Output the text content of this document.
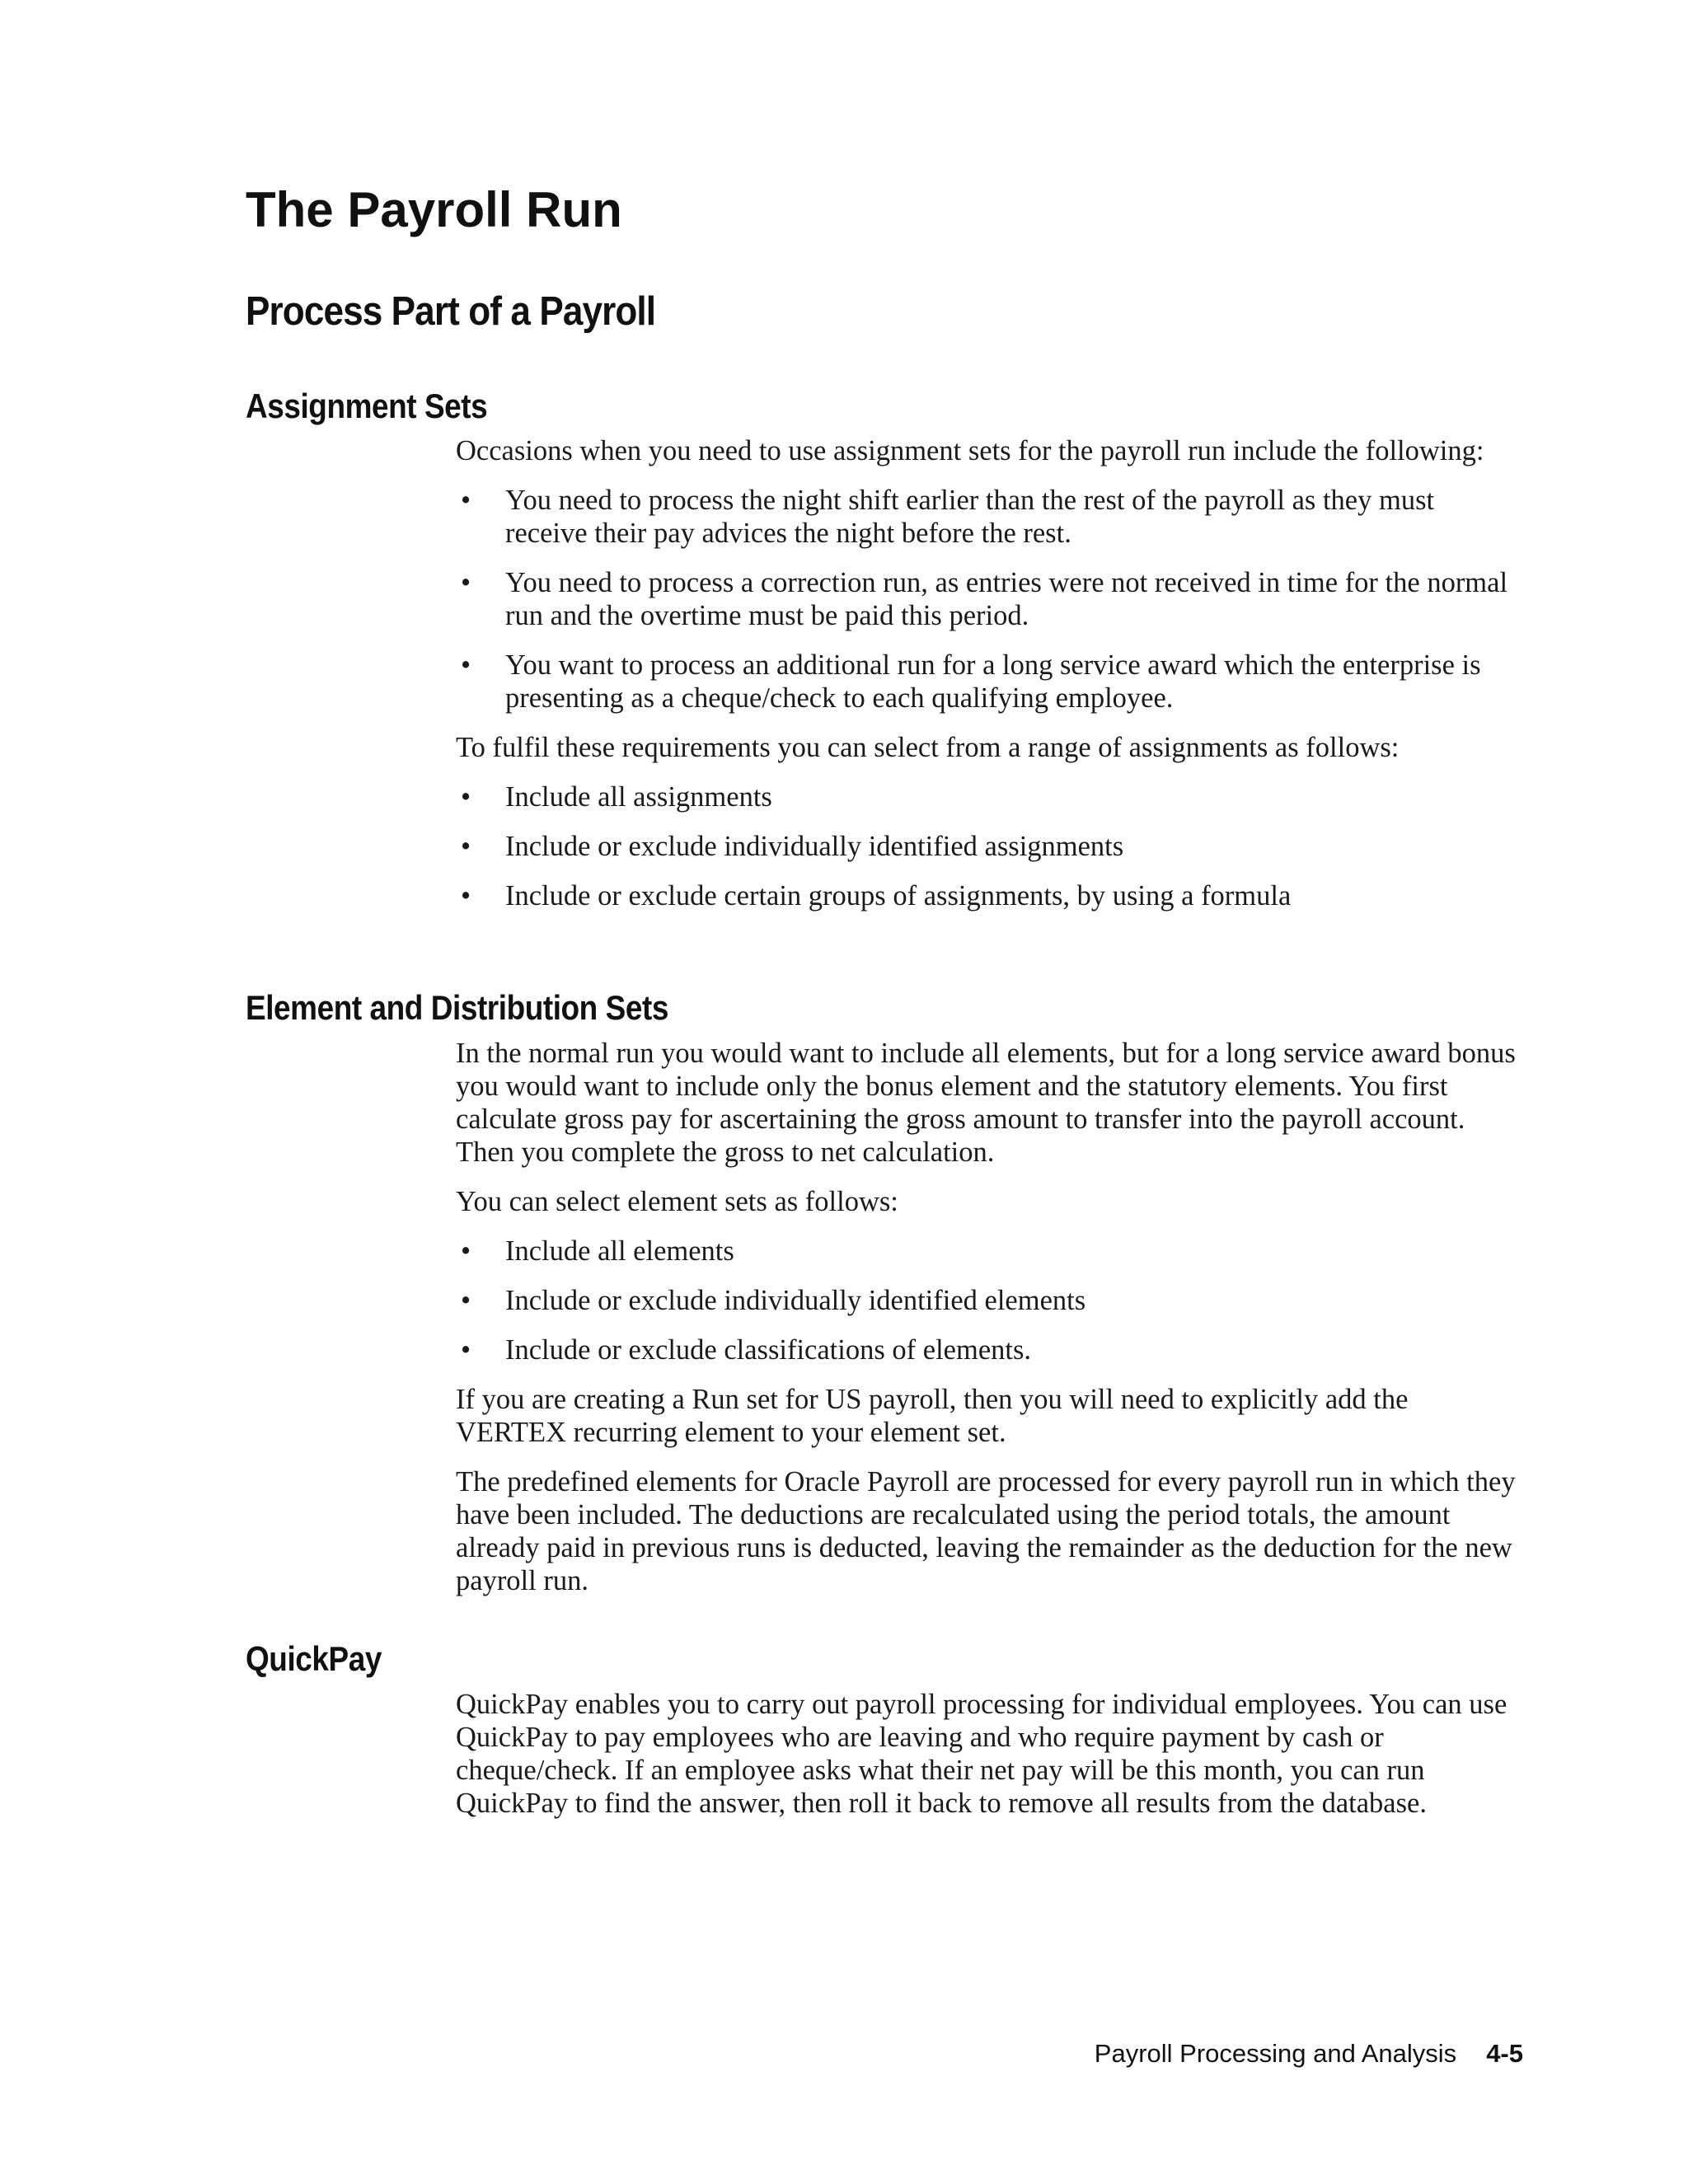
The Payroll Run
Process Part of a Payroll
Assignment Sets

Occasions when you need to use assignment sets for the payroll run include the following:

• You need to process the night shift earlier than the rest of the payroll as they must receive their pay advices the night before the rest.
• You need to process a correction run, as entries were not received in time for the normal run and the overtime must be paid this period.
• You want to process an additional run for a long service award which the enterprise is presenting as a cheque/check to each qualifying employee.

To fulfil these requirements you can select from a range of assignments as follows:

• Include all assignments
• Include or exclude individually identified assignments
• Include or exclude certain groups of assignments, by using a formula
Element and Distribution Sets

In the normal run you would want to include all elements, but for a long service award bonus you would want to include only the bonus element and the statutory elements. You first calculate gross pay for ascertaining the gross amount to transfer into the payroll account. Then you complete the gross to net calculation.

You can select element sets as follows:

• Include all elements
• Include or exclude individually identified elements
• Include or exclude classifications of elements.

If you are creating a Run set for US payroll, then you will need to explicitly add the VERTEX recurring element to your element set.

The predefined elements for Oracle Payroll are processed for every payroll run in which they have been included. The deductions are recalculated using the period totals, the amount already paid in previous runs is deducted, leaving the remainder as the deduction for the new payroll run.

QuickPay

QuickPay enables you to carry out payroll processing for individual employees. You can use QuickPay to pay employees who are leaving and who require payment by cash or cheque/check. If an employee asks what their net pay will be this month, you can run QuickPay to find the answer, then roll it back to remove all results from the database.

Payroll Processing and Analysis 4-5
